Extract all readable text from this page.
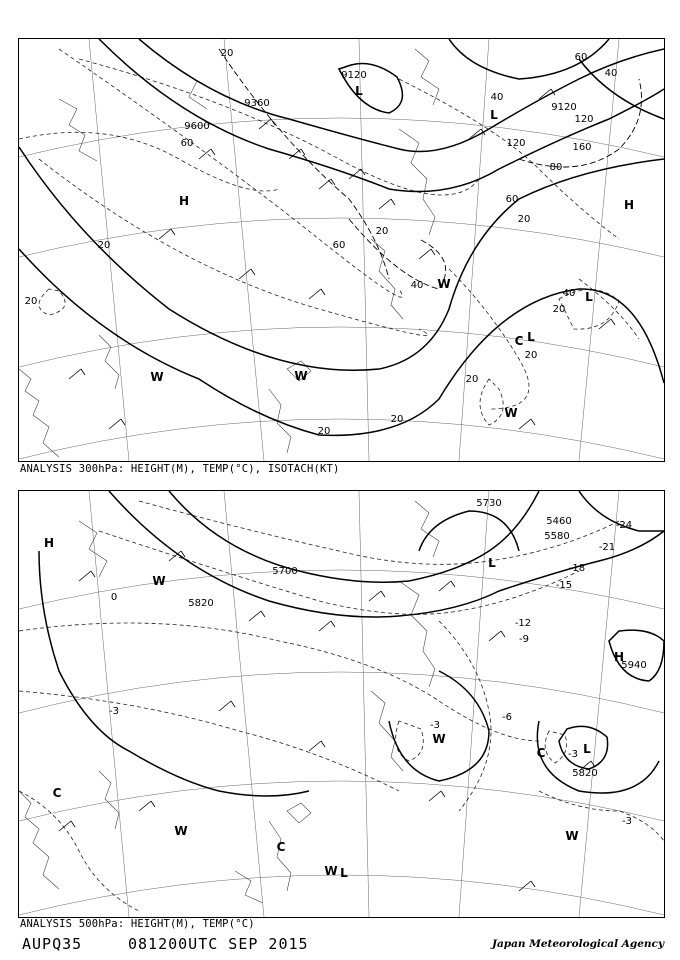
H	H
L
L
L
L
C
W
W	W
W
9360
9600
9120
9120
20
20
20
20
20
20
20
20
20
20
40
40
40
40
60
60
60
60
80
120
120	160
ANALYSIS 300hPa: HEIGHT(M), TEMP(°C), ISOTACH(KT)
H
H
L
L
L
C
C
C
W
W
W	W
W
5700
5820
5460
5580
5730
5940
5820
-24
-21
-18
-15
-12
-9
-6
-3
-3
-3
-3
0
ANALYSIS 500hPa: HEIGHT(M), TEMP(°C)
AUPQ35	081200UTC SEP 2015	Japan Meteorological Agency
